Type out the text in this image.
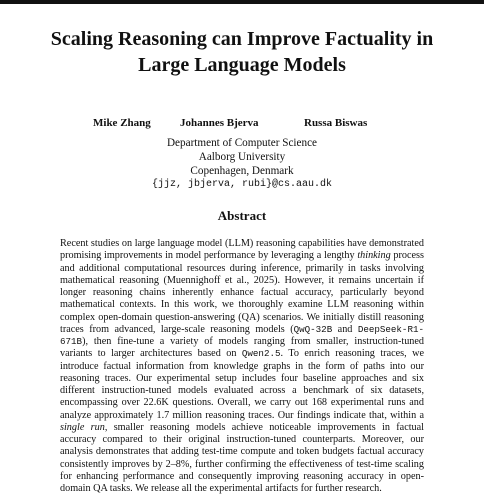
Scaling Reasoning can Improve Factuality in
Large Language Models
Mike Zhang	Johannes Bjerva	Russa Biswas
Department of Computer Science
Aalborg University
Copenhagen, Denmark
{jjz, jbjerva, rubi}@cs.aau.dk
Abstract

Recent studies on large language model (LLM) reasoning capabilities have demonstrated promising improvements in model performance by leveraging a lengthy thinking process and additional computational resources during inference, primarily in tasks involving mathematical reasoning (Muennighoff et al., 2025). However, it remains uncertain if longer reasoning chains inherently enhance factual accuracy, particularly beyond mathematical contexts. In this work, we thoroughly examine LLM reasoning within complex open-domain question-answering (QA) scenarios. We initially distill reasoning traces from advanced, large-scale reasoning models (QwQ-32B and DeepSeek-R1-671B), then fine-tune a variety of models ranging from smaller, instruction-tuned variants to larger architectures based on Qwen2.5. To enrich reasoning traces, we introduce factual information from knowledge graphs in the form of paths into our reasoning traces. Our experimental setup includes four baseline approaches and six different instruction-tuned models evaluated across a benchmark of six datasets, encompassing over 22.6K questions. Overall, we carry out 168 experimental runs and analyze approximately 1.7 million reasoning traces. Our findings indicate that, within a single run, smaller reasoning models achieve noticeable improvements in factual accuracy compared to their original instruction-tuned counterparts. Moreover, our analysis demonstrates that adding test-time compute and token budgets factual accuracy consistently improves by 2–8%, further confirming the effectiveness of test-time scaling for enhancing performance and consequently improving reasoning accuracy in open-domain QA tasks. We release all the experimental artifacts for further research.
